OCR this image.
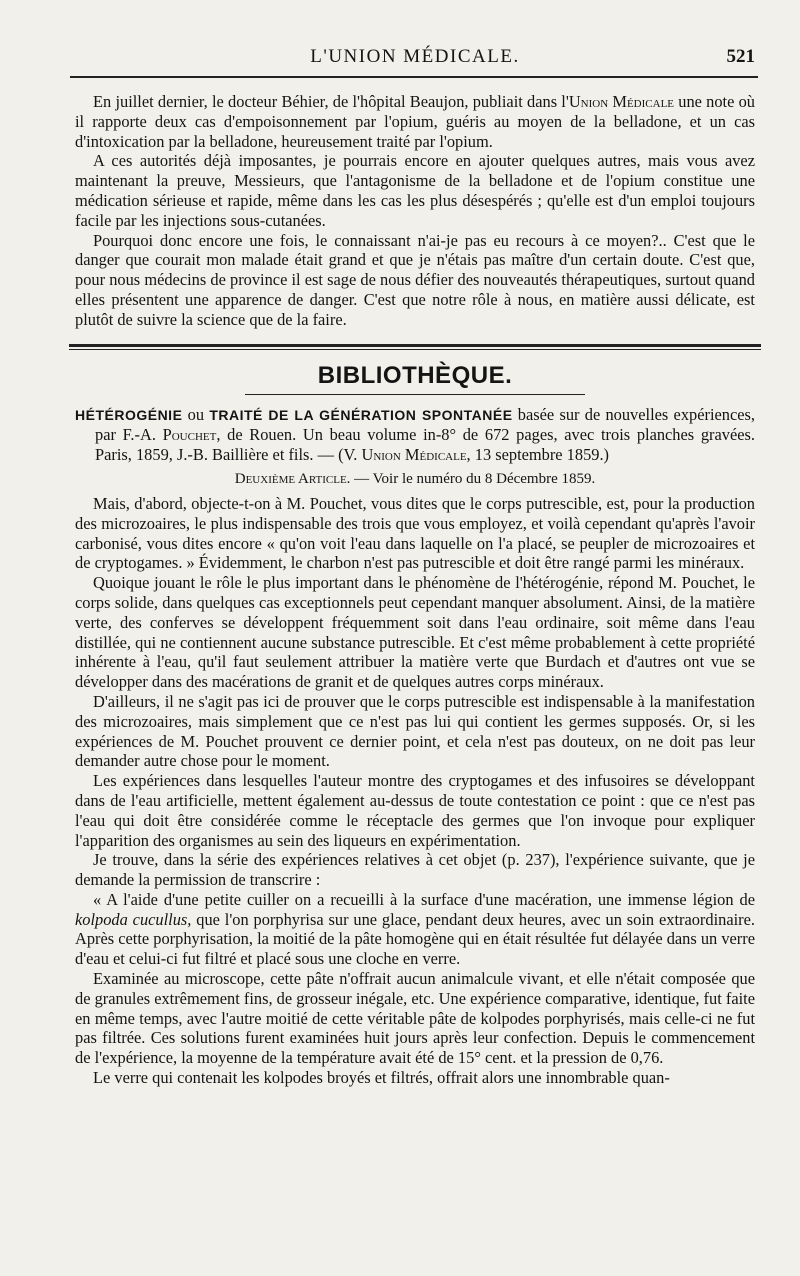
L'UNION MÉDICALE.	521

En juillet dernier, le docteur Béhier, de l'hôpital Beaujon, publiait dans l'Union Médicale une note où il rapporte deux cas d'empoisonnement par l'opium, guéris au moyen de la belladone, et un cas d'intoxication par la belladone, heureusement traité par l'opium.

A ces autorités déjà imposantes, je pourrais encore en ajouter quelques autres, mais vous avez maintenant la preuve, Messieurs, que l'antagonisme de la belladone et de l'opium constitue une médication sérieuse et rapide, même dans les cas les plus désespérés ; qu'elle est d'un emploi toujours facile par les injections sous-cutanées.

Pourquoi donc encore une fois, le connaissant n'ai-je pas eu recours à ce moyen?.. C'est que le danger que courait mon malade était grand et que je n'étais pas maître d'un certain doute. C'est que, pour nous médecins de province il est sage de nous défier des nouveautés thérapeutiques, surtout quand elles présentent une apparence de danger. C'est que notre rôle à nous, en matière aussi délicate, est plutôt de suivre la science que de la faire.

BIBLIOTHÈQUE.

HÉTÉROGÉNIE ou TRAITÉ DE LA GÉNÉRATION SPONTANÉE basée sur de nouvelles expériences, par F.-A. Pouchet, de Rouen. Un beau volume in-8° de 672 pages, avec trois planches gravées. Paris, 1859, J.-B. Baillière et fils. — (V. Union Médicale, 13 septembre 1859.)

Deuxième Article. — Voir le numéro du 8 Décembre 1859.

Mais, d'abord, objecte-t-on à M. Pouchet, vous dites que le corps putrescible, est, pour la production des microzoaires, le plus indispensable des trois que vous employez, et voilà cependant qu'après l'avoir carbonisé, vous dites encore « qu'on voit l'eau dans laquelle on l'a placé, se peupler de microzoaires et de cryptogames. » Évidemment, le charbon n'est pas putrescible et doit être rangé parmi les minéraux.

Quoique jouant le rôle le plus important dans le phénomène de l'hétérogénie, répond M. Pouchet, le corps solide, dans quelques cas exceptionnels peut cependant manquer absolument. Ainsi, de la matière verte, des conferves se développent fréquemment soit dans l'eau ordinaire, soit même dans l'eau distillée, qui ne contiennent aucune substance putrescible. Et c'est même probablement à cette propriété inhérente à l'eau, qu'il faut seulement attribuer la matière verte que Burdach et d'autres ont vue se développer dans des macérations de granit et de quelques autres corps minéraux.

D'ailleurs, il ne s'agit pas ici de prouver que le corps putrescible est indispensable à la manifestation des microzoaires, mais simplement que ce n'est pas lui qui contient les germes supposés. Or, si les expériences de M. Pouchet prouvent ce dernier point, et cela n'est pas douteux, on ne doit pas leur demander autre chose pour le moment.

Les expériences dans lesquelles l'auteur montre des cryptogames et des infusoires se développant dans de l'eau artificielle, mettent également au-dessus de toute contestation ce point : que ce n'est pas l'eau qui doit être considérée comme le réceptacle des germes que l'on invoque pour expliquer l'apparition des organismes au sein des liqueurs en expérimentation.

Je trouve, dans la série des expériences relatives à cet objet (p. 237), l'expérience suivante, que je demande la permission de transcrire :

« A l'aide d'une petite cuiller on a recueilli à la surface d'une macération, une immense légion de kolpoda cucullus, que l'on porphyrisa sur une glace, pendant deux heures, avec un soin extraordinaire. Après cette porphyrisation, la moitié de la pâte homogène qui en était résultée fut délayée dans un verre d'eau et celui-ci fut filtré et placé sous une cloche en verre.

Examinée au microscope, cette pâte n'offrait aucun animalcule vivant, et elle n'était composée que de granules extrêmement fins, de grosseur inégale, etc. Une expérience comparative, identique, fut faite en même temps, avec l'autre moitié de cette véritable pâte de kolpodes porphyrisés, mais celle-ci ne fut pas filtrée. Ces solutions furent examinées huit jours après leur confection. Depuis le commencement de l'expérience, la moyenne de la température avait été de 15° cent. et la pression de 0,76.

Le verre qui contenait les kolpodes broyés et filtrés, offrait alors une innombrable quan-
